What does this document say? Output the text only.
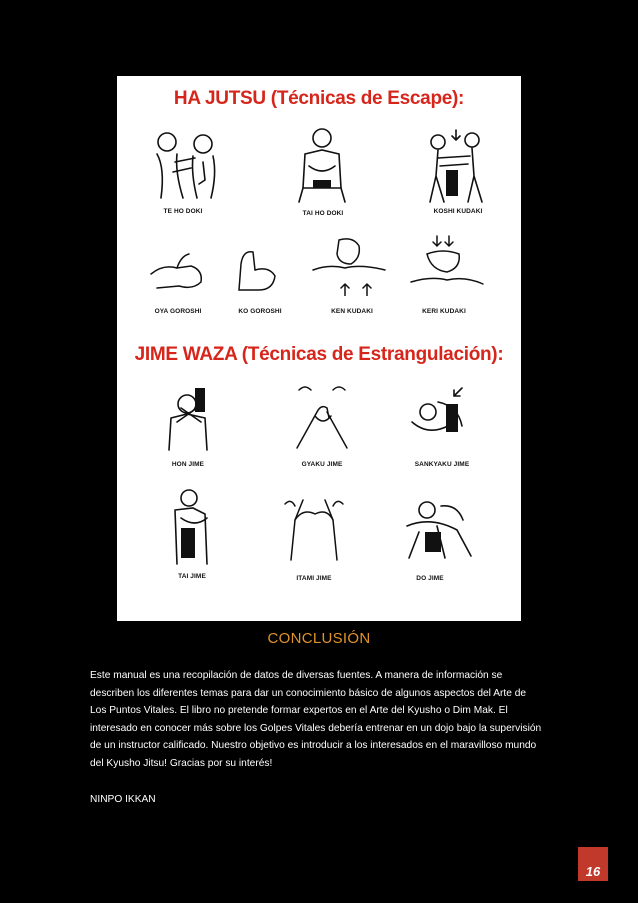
HA JUTSU (Técnicas de Escape):
TE HO DOKI	TAI HO DOKI	KOSHI KUDAKI
OYA GOROSHI	KO GOROSHI	KEN KUDAKI	KERI KUDAKI
JIME WAZA (Técnicas de Estrangulación):
HON JIME	GYAKU JIME	SANKYAKU JIME
TAI JIME	ITAMI JIME	DO JIME
CONCLUSIÓN

Este manual es una recopilación de datos de diversas fuentes. A manera de información se describen los diferentes temas para dar un conocimiento básico de algunos aspectos del Arte de Los Puntos Vitales. El libro no pretende formar expertos en el Arte del Kyusho o Dim Mak. El interesado en conocer más sobre los Golpes Vitales debería entrenar en un dojo bajo la supervisión de un instructor calificado. Nuestro objetivo es introducir a los interesados en el maravilloso mundo del Kyusho Jitsu! Gracias por su interés!

NINPO IKKAN

16
